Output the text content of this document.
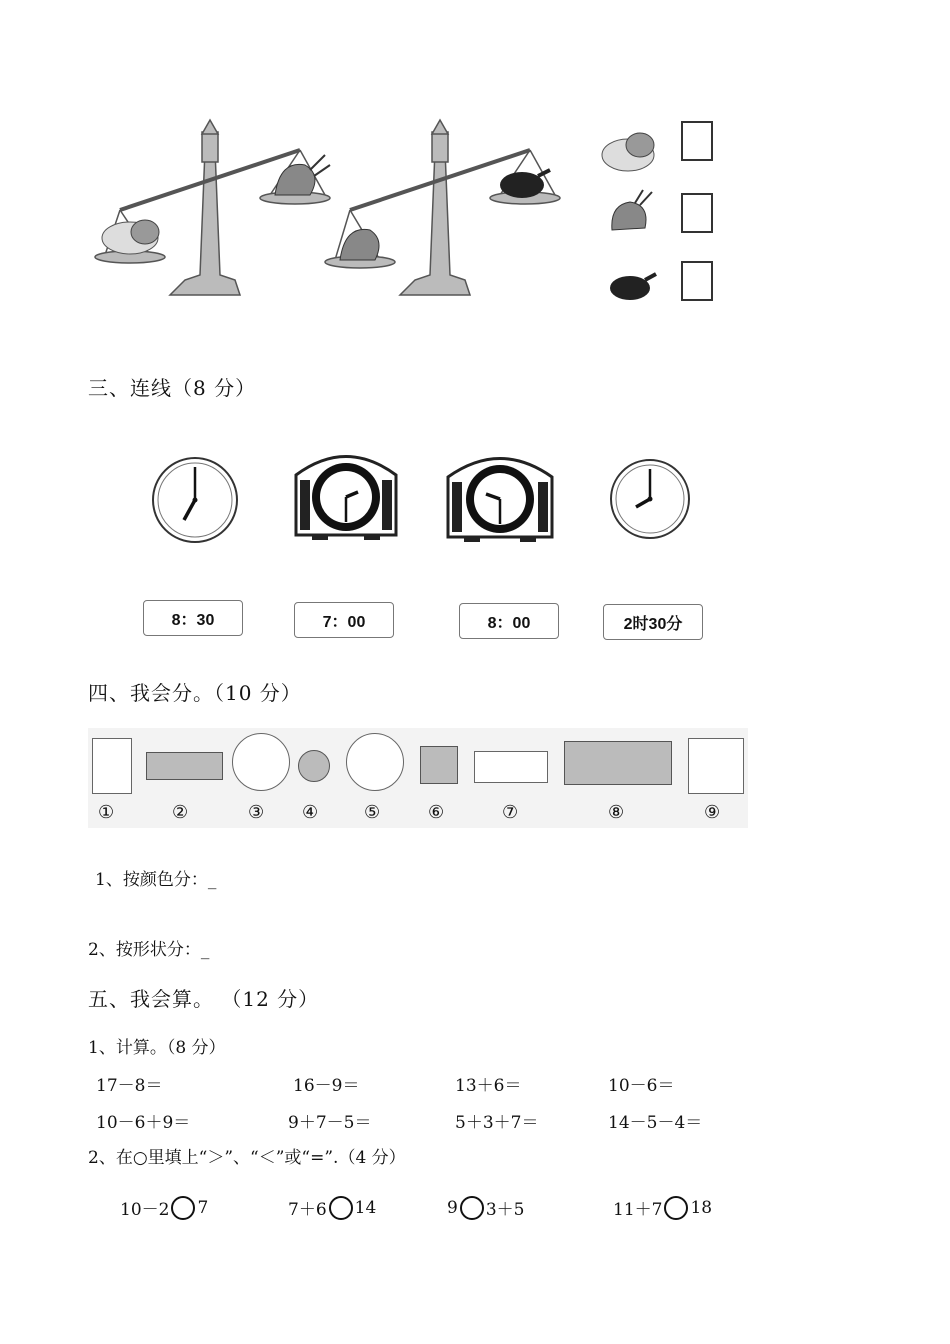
三、连线（8 分）
8：30	7：00	8：00	2时30分
四、我会分。（10 分）
①	②	③ ④	⑤	⑥	⑦	⑧	⑨
1、按颜色分：_
2、按形状分：_
五、我会算。 （12 分）
1、计算。（8 分）
17－8＝	16－9＝	13＋6＝	10－6＝
10－6＋9＝	9＋7－5＝	5＋3＋7＝	14－5－4＝
2、在○里填上“＞”、“＜”或“=”.（4 分）
10－2 7	7＋6 14	9 3＋5	11＋7 18
